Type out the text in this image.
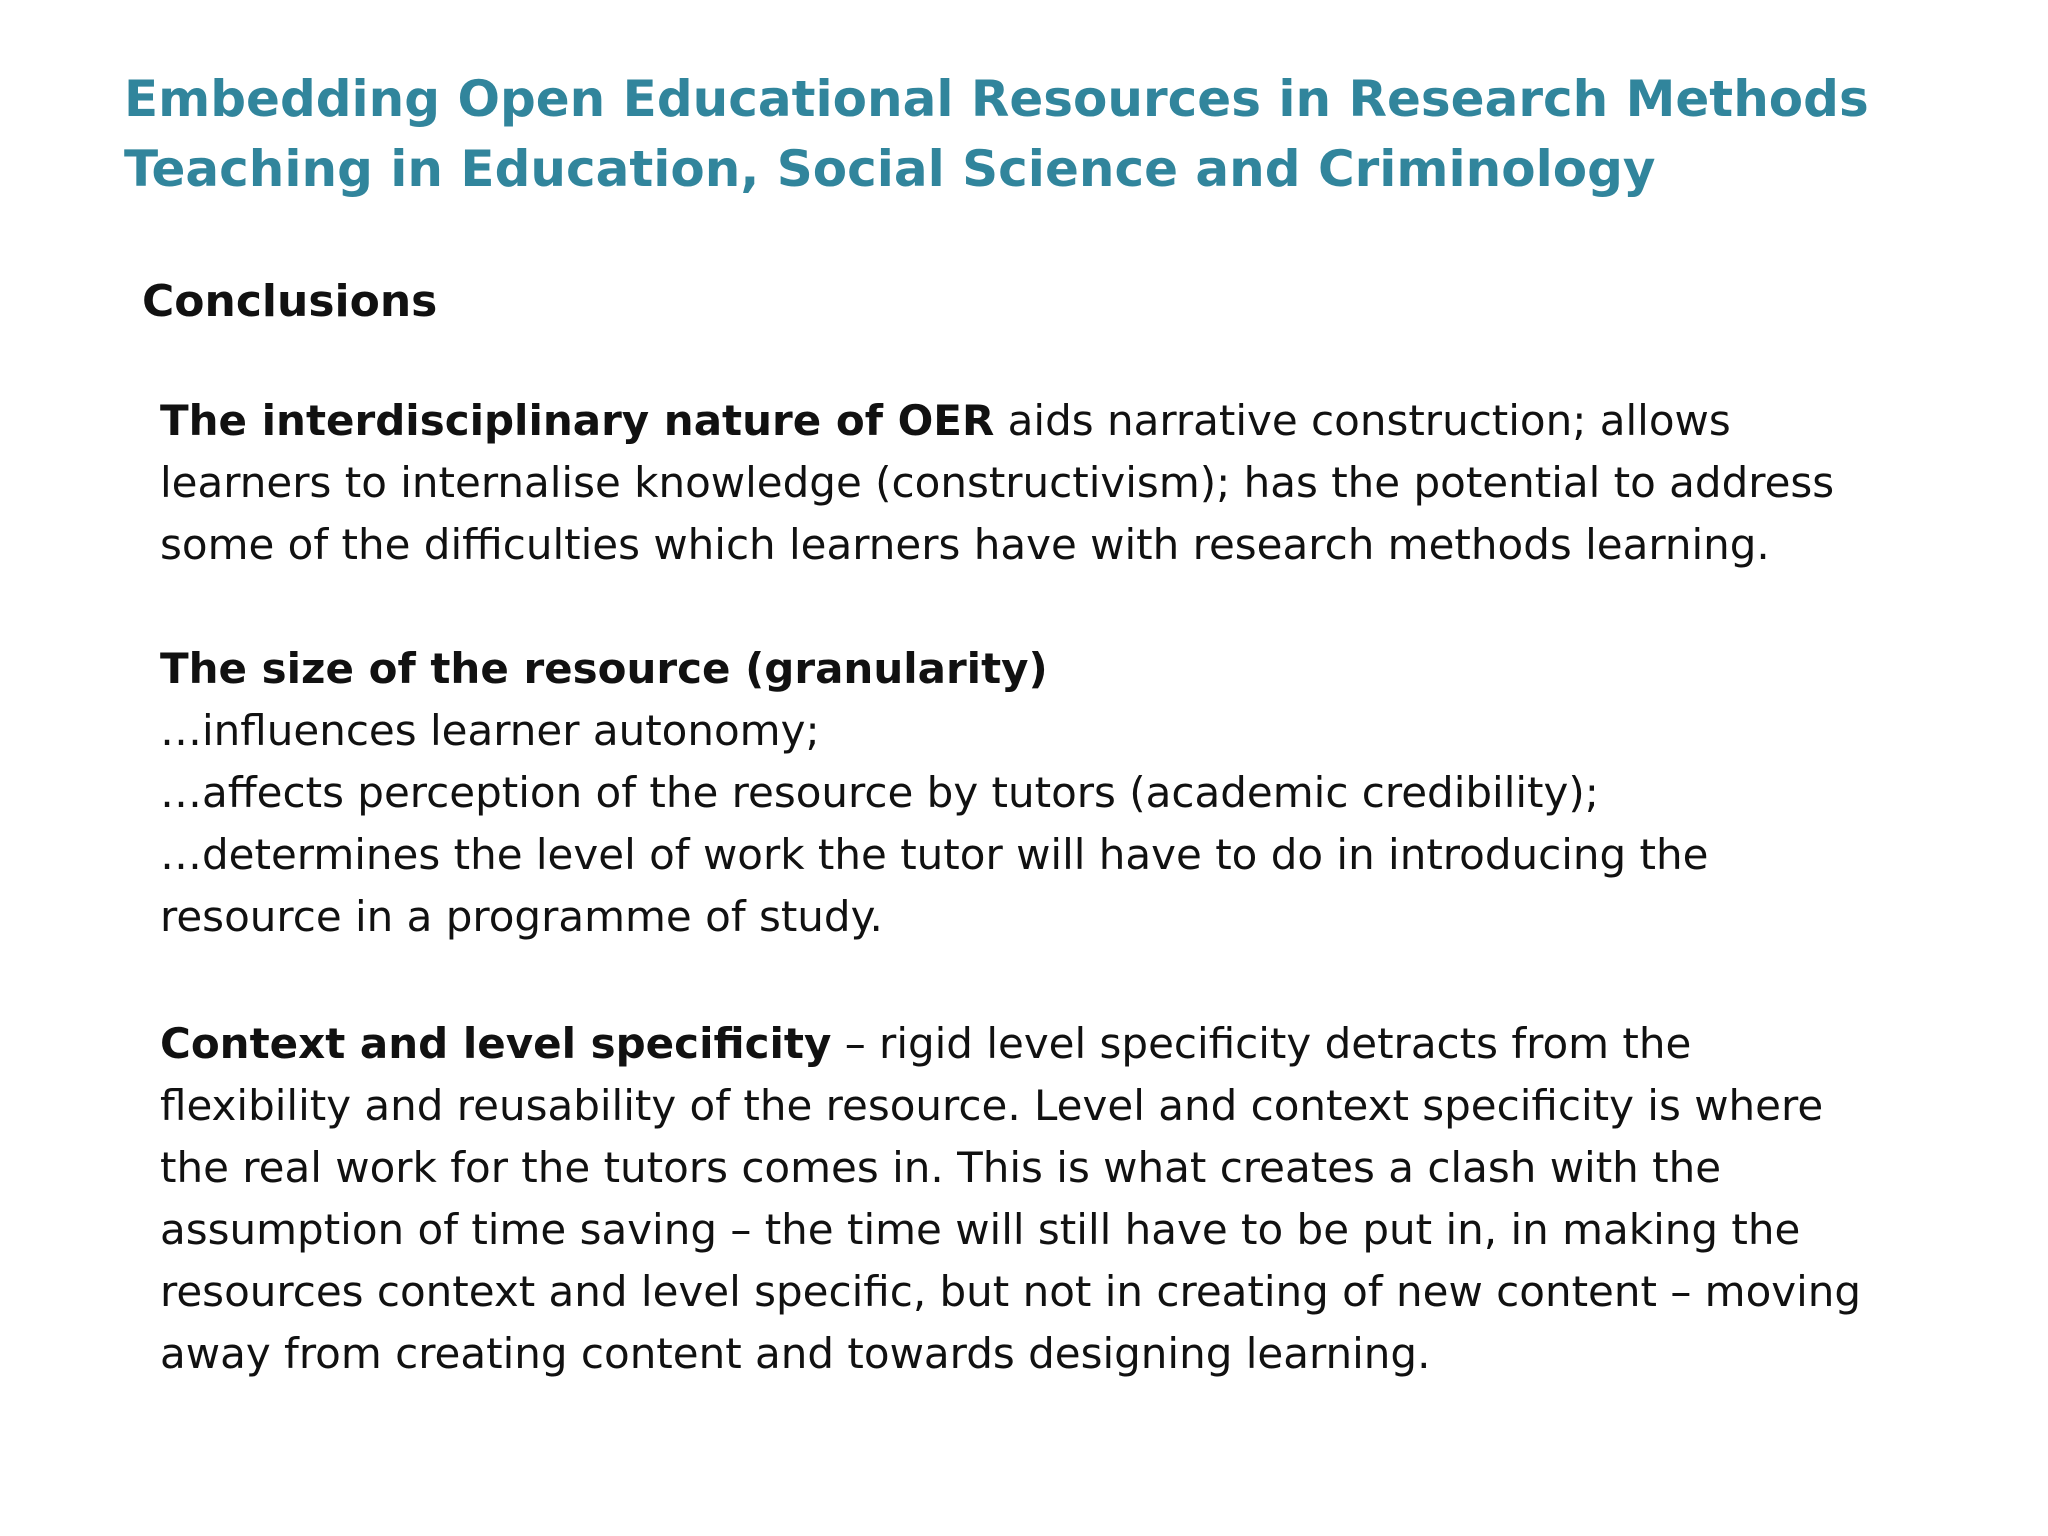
Embedding Open Educational Resources in Research Methods Teaching in Education, Social Science and Criminology
Conclusions

The interdisciplinary nature of OER aids narrative construction; allows learners to internalise knowledge (constructivism); has the potential to address some of the difficulties which learners have with research methods learning.

The size of the resource (granularity)
…influences learner autonomy;
…affects perception of the resource by tutors (academic credibility);
…determines the level of work the tutor will have to do in introducing the resource in a programme of study.

Context and level specificity – rigid level specificity detracts from the flexibility and reusability of the resource. Level and context specificity is where the real work for the tutors comes in. This is what creates a clash with the assumption of time saving – the time will still have to be put in, in making the resources context and level specific, but not in creating of new content – moving away from creating content and towards designing learning.
